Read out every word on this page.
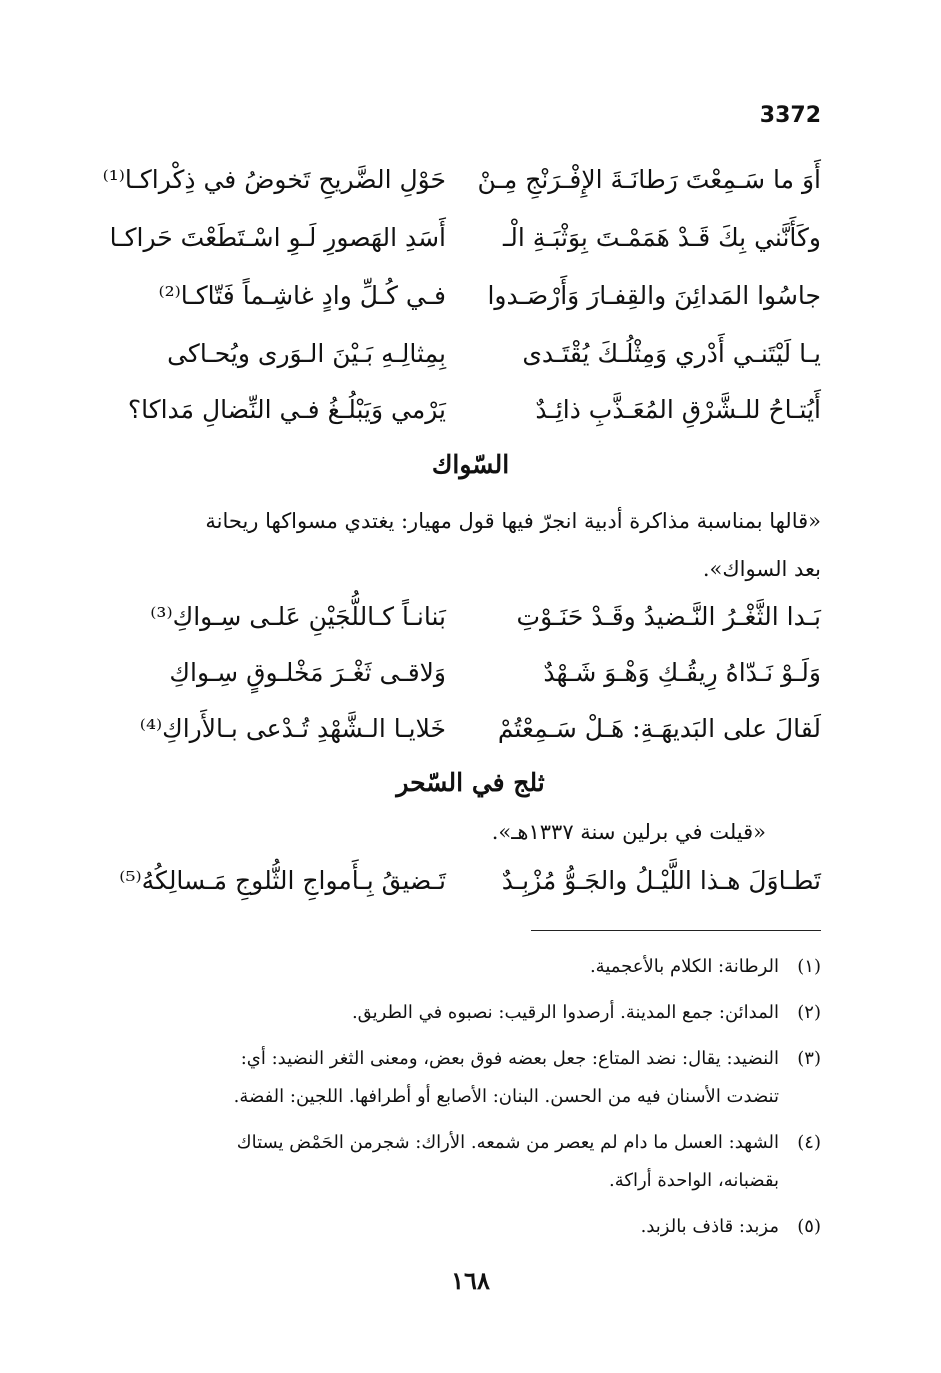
3372
أَوَ ما سَـمِعْتَ رَطانَـةَ الإِفْـرَنْجِ مِـنْ
حَوْلِ الضَّريحِ تَخوضُ في ذِكْراكـا⁽¹⁾
وكَأَنَّني بِكَ قَـدْ هَمَمْـتَ بِوَثْبَـةِ الْـ
أَسَدِ الهَصورِ لَـوِ اسْـتَطَعْتَ حَراكـا
جاسُوا المَدائِنَ والقِفـارَ وَأَرْصَـدوا
فـي كُـلِّ وادٍ غاشِـماً فَتّاكـا⁽²⁾
يـا لَيْتَنـي أَدْري وَمِثْلُـكَ يُقْتَـدى
بِمِثالِـهِ بَـيْنَ الـوَرى ويُحـاكى
أَيُتـاحُ للـشَّرْقِ المُعَـذَّبِ ذائِـدٌ
يَرْمي وَيَبْلُـغُ فـي النِّضالِ مَداكا؟
السّواك
«قالها بمناسبة مذاكرة أدبية انجرّ فيها قول مهيار: يغتدي مسواكها ريحانة
بعد السواك».
بَـدا الثَّغْـرُ النَّـضيدُ وقَـدْ حَنَـوْتِ
بَنانـاً كـاللُّجَيْنِ عَلـى سِـواكِ⁽³⁾
وَلَـوْ نَـدّاهُ رِيقُـكِ وَهْـوَ شَـهْدٌ
وَلاقـى ثَغْـرَ مَخْلـوقٍ سِـواكِ
لَقالَ على البَديهَـةِ: هَـلْ سَـمِعْتُمْ
خَلايـا الـشَّهْدِ تُـدْعى بـالأَراكِ⁽⁴⁾
ثلج في السّحر
«قيلت في برلين سنة ١٣٣٧هـ».
تَطـاوَلَ هـذا اللَّيْـلُ والجَـوُّ مُزْبِـدٌ
تَـضيقُ بِـأَمواجِ الثُّلوجِ مَـسالِكُهُ⁽⁵⁾
(١)الرطانة: الكلام بالأعجمية.
(٢)المدائن: جمع المدينة. أرصدوا الرقيب: نصبوه في الطريق.
(٣)النضيد: يقال: نضد المتاع: جعل بعضه فوق بعض، ومعنى الثغر النضيد: أي:
تنضدت الأسنان فيه من الحسن. البنان: الأصابع أو أطرافها. اللجين: الفضة.
(٤)الشهد: العسل ما دام لم يعصر من شمعه. الأراك: شجرمن الحَمْض يستاك
بقضبانه، الواحدة أراكة.
(٥)مزبد: قاذف بالزبد.
١٦٨
